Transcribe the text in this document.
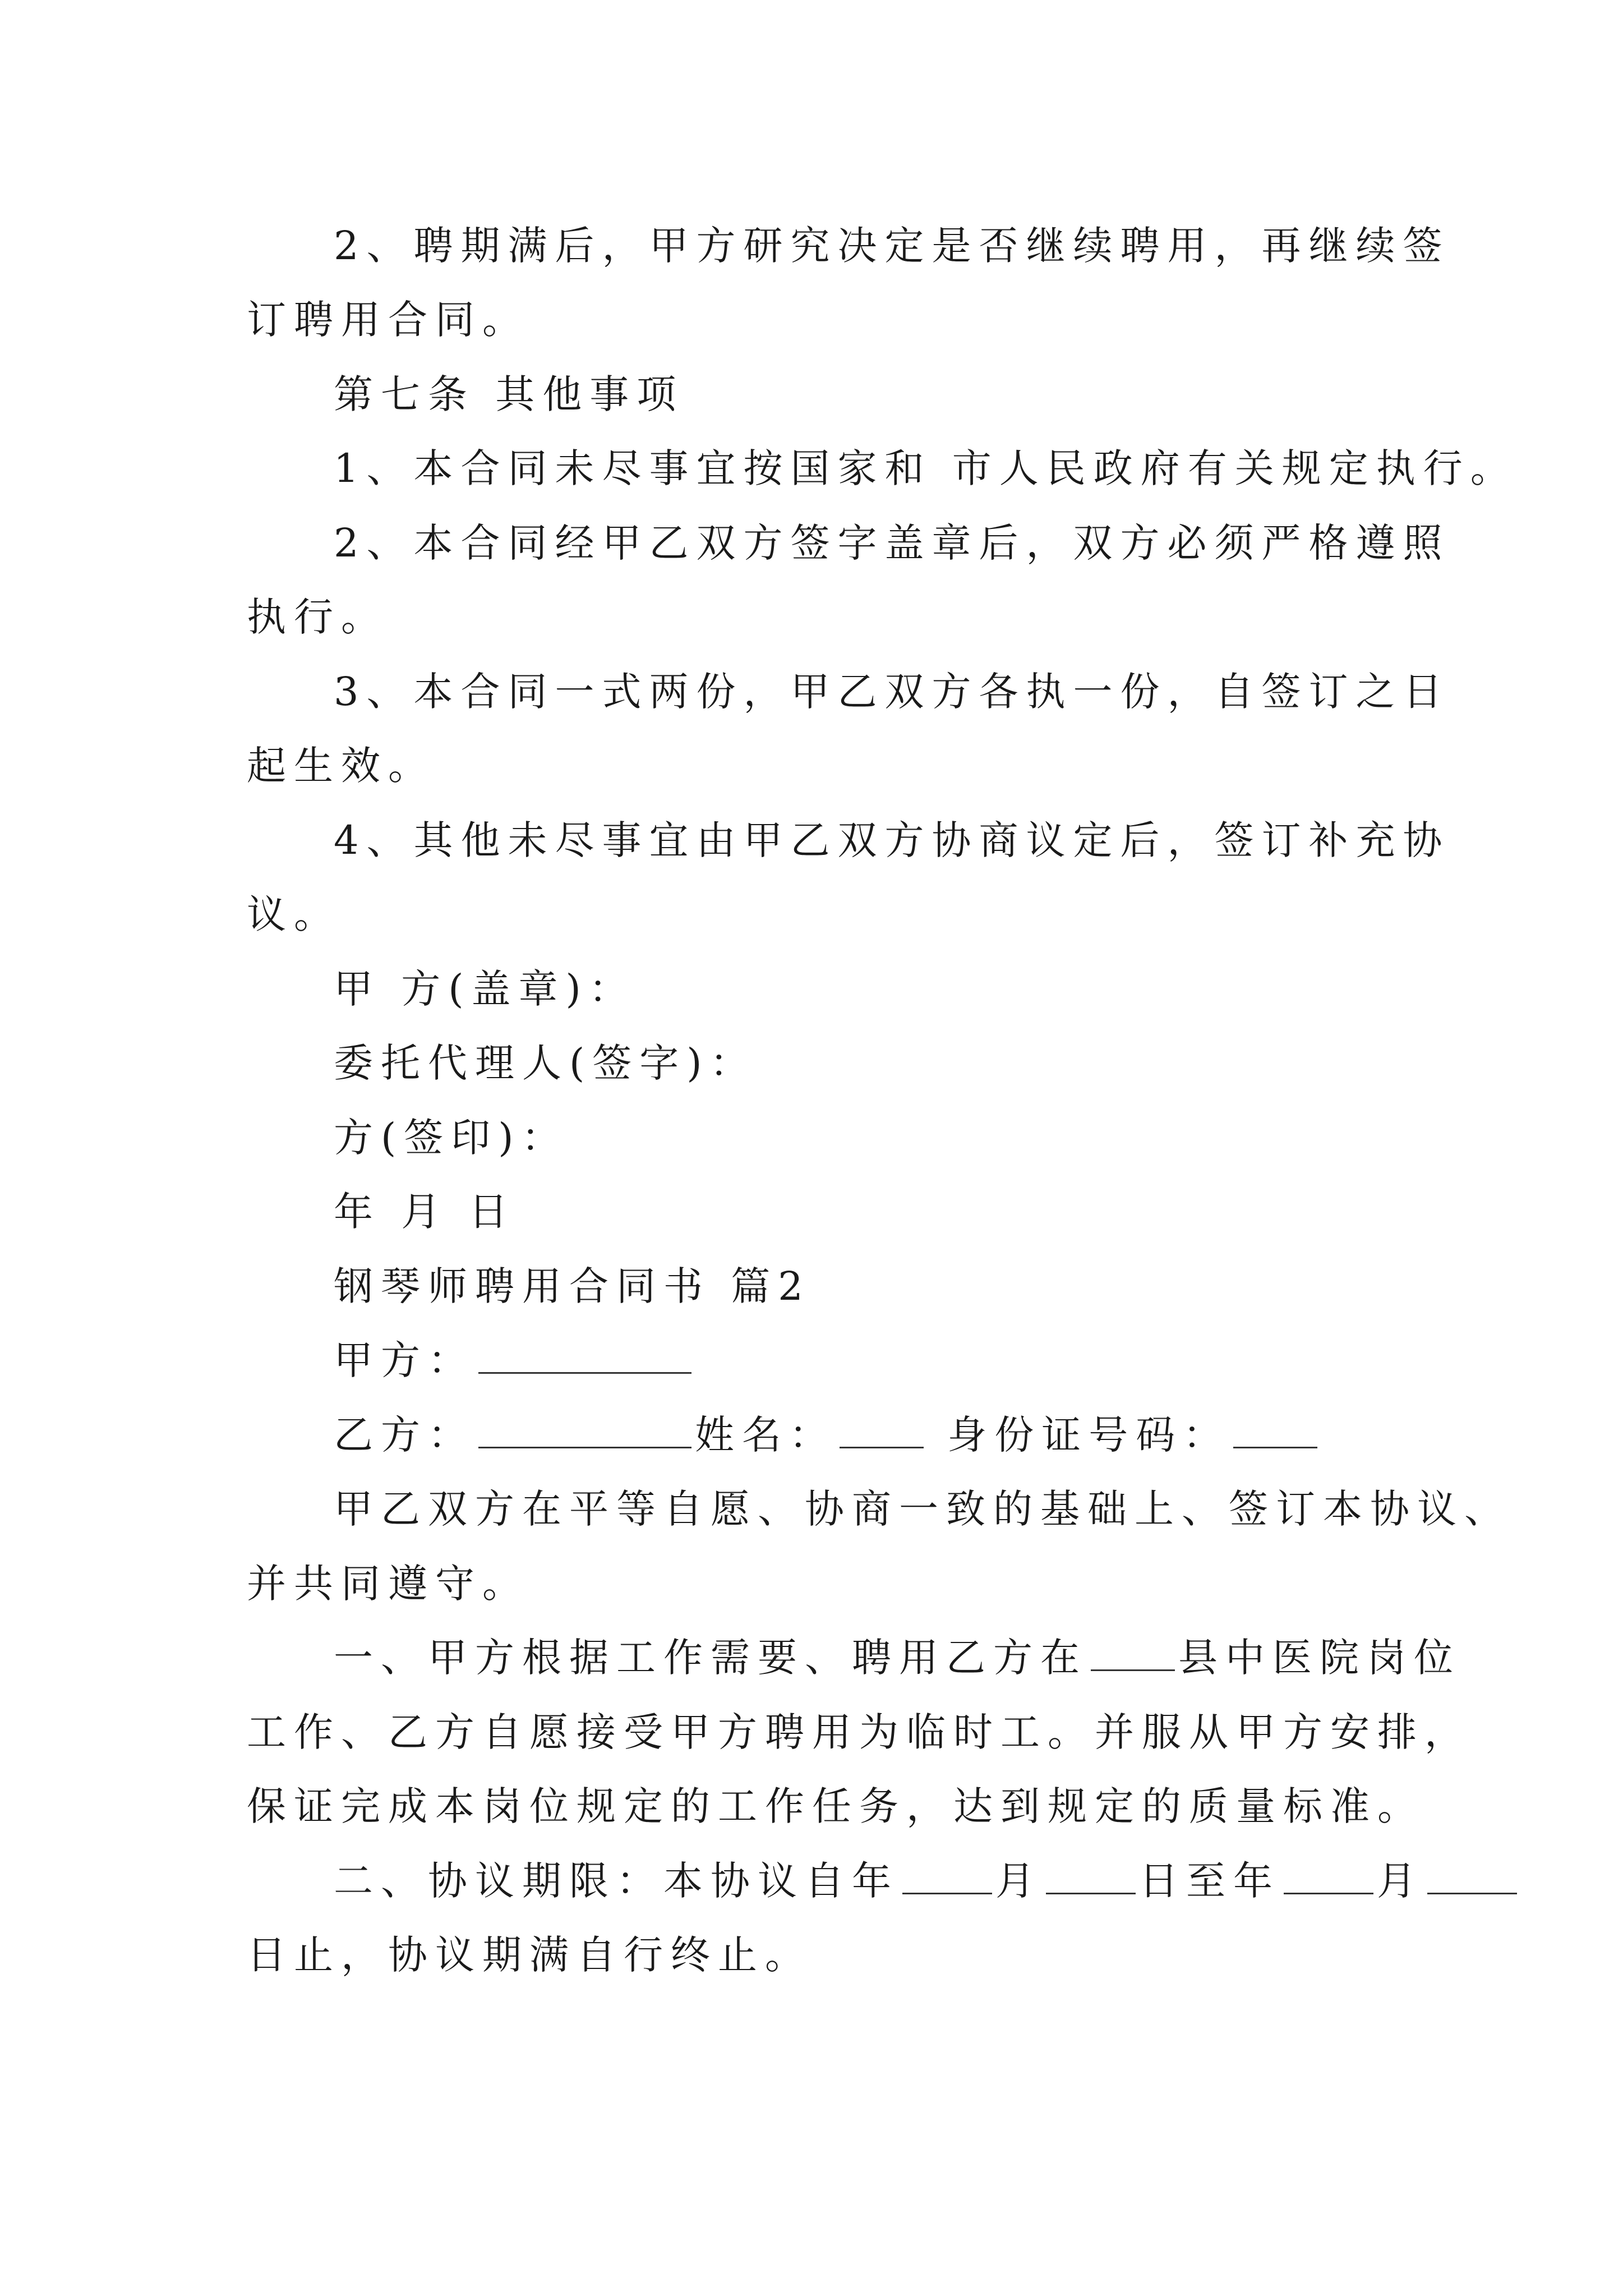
2、聘期满后，甲方研究决定是否继续聘用，再继续签
订聘用合同。
第七条 其他事项
1、本合同未尽事宜按国家和 市人民政府有关规定执行。
2、本合同经甲乙双方签字盖章后，双方必须严格遵照
执行。
3、本合同一式两份，甲乙双方各执一份，自签订之日
起生效。
4、其他未尽事宜由甲乙双方协商议定后，签订补充协
议。
甲 方(盖章)：
委托代理人(签字)：
方(签印)：
年 月 日
钢琴师聘用合同书 篇2
甲方：
乙方：	姓名： 身份证号码：
甲乙双方在平等自愿、协商一致的基础上、签订本协议、
并共同遵守。
一、甲方根据工作需要、聘用乙方在 县中医院岗位
工作、乙方自愿接受甲方聘用为临时工。并服从甲方安排，
保证完成本岗位规定的工作任务，达到规定的质量标准。
二、协议期限：本协议自年 月 日至年 月
日止，协议期满自行终止。
